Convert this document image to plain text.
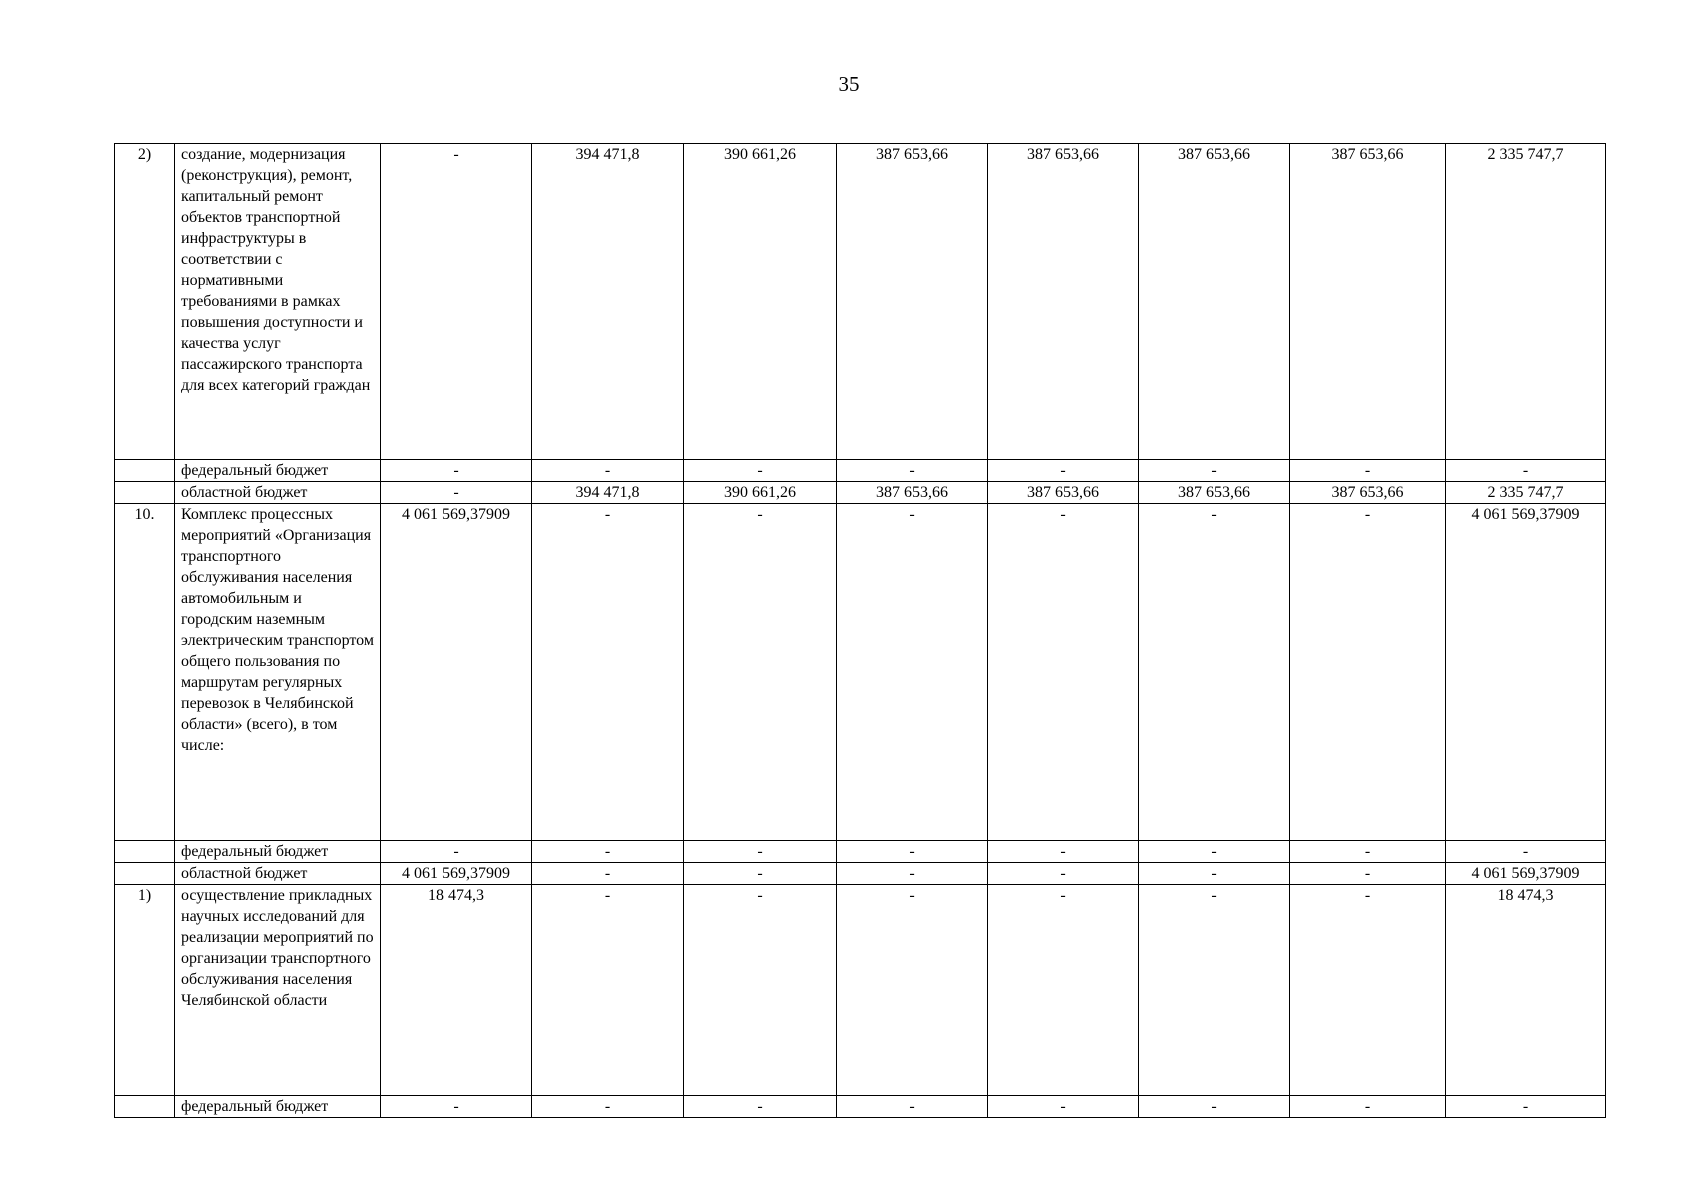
35
2)	создание, модернизация (реконструкция), ремонт, капитальный ремонт объектов транспортной инфраструктуры в соответствии с нормативными требованиями в рамках повышения доступности и качества услуг пассажирского транспорта для всех категорий граждан	-	394 471,8	390 661,26	387 653,66	387 653,66	387 653,66	387 653,66	2 335 747,7
	федеральный бюджет	-	-	-	-	-	-	-	-
	областной бюджет	-	394 471,8	390 661,26	387 653,66	387 653,66	387 653,66	387 653,66	2 335 747,7
10.	Комплекс процессных мероприятий «Организация транспортного обслуживания населения автомобильным и городским наземным электрическим транспортом общего пользования по маршрутам регулярных перевозок в Челябинской области» (всего), в том числе:	4 061 569,37909	-	-	-	-	-	-	4 061 569,37909
	федеральный бюджет	-	-	-	-	-	-	-	-
	областной бюджет	4 061 569,37909	-	-	-	-	-	-	4 061 569,37909
1)	осуществление прикладных научных исследований для реализации мероприятий по организации транспортного обслуживания населения Челябинской области	18 474,3	-	-	-	-	-	-	18 474,3
	федеральный бюджет	-	-	-	-	-	-	-	-
